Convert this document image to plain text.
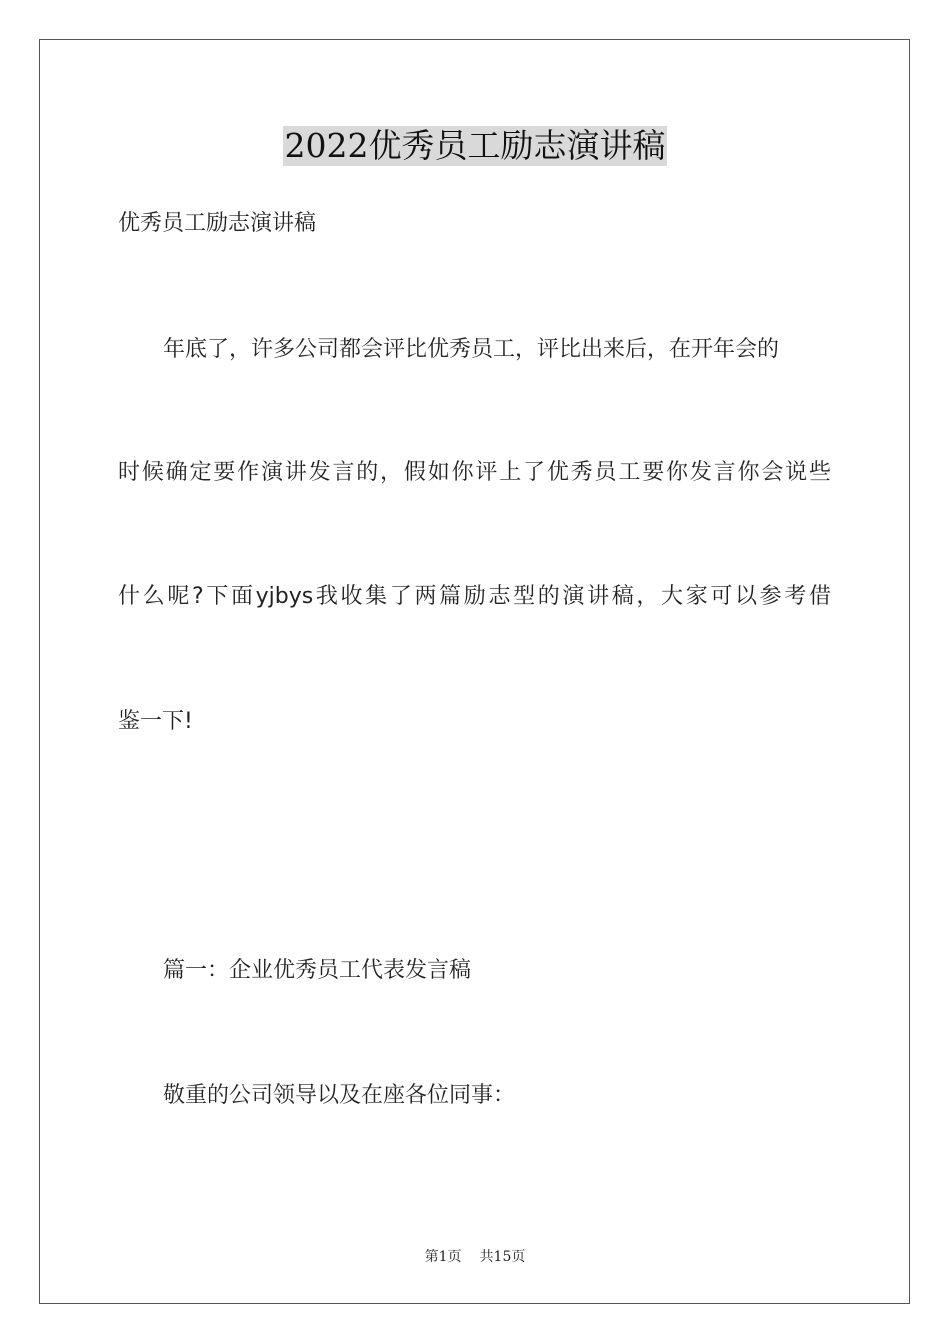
2022优秀员工励志演讲稿
优秀员工励志演讲稿
年底了，许多公司都会评比优秀员工，评比出来后，在开年会的
时候确定要作演讲发言的，假如你评上了优秀员工要你发言你会说些
什么呢?下面yjbys我收集了两篇励志型的演讲稿，大家可以参考借
鉴一下!
篇一：企业优秀员工代表发言稿
敬重的公司领导以及在座各位同事：
第1页 共15页
